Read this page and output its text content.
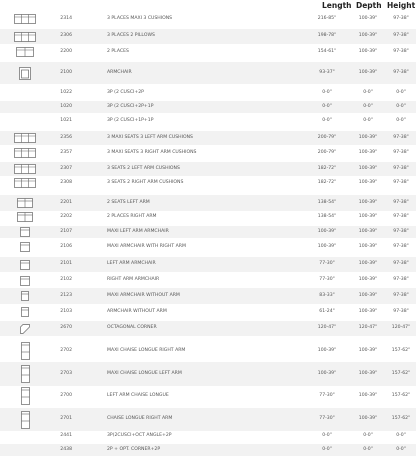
Length Depth Height
2314	3 PLACES MAXI 3 CUSHIONS	216-85"	100-39"	97-38"
2306	3 PLACES 2 PILLOWS	198-78"	100-39"	97-38"
2200	2 PLACES	154-61"	100-39"	97-38"
2100	ARMCHAIR	93-37"	100-39"	97-38"
1022	3P (2 CUSCI+2P	0-0"	0-0"	0-0"
1020	3P (2 CUSCI+2P+1P	0-0"	0-0"	0-0"
1021	3P (2 CUSCI+1P+1P	0-0"	0-0"	0-0"
2356	3 MAXI SEATS 3 LEFT ARM CUSHIONS	200-79"	100-39"	97-38"
2357	3 MAXI SEATS 3 RIGHT ARM CUSHIONS	200-79"	100-39"	97-38"
2307	3 SEATS 2 LEFT ARM CUSHIONS	182-72"	100-39"	97-38"
2308	3 SEATS 2 RIGHT ARM CUSHIONS	182-72"	100-39"	97-38"
2201	2 SEATS LEFT ARM	138-54"	100-39"	97-38"
2202	2 PLACES RIGHT ARM	138-54"	100-39"	97-38"
2107	MAXI LEFT ARM ARMCHAIR	100-39"	100-39"	97-38"
2106	MAXI ARMCHAIR WITH RIGHT ARM	100-39"	100-39"	97-38"
2101	LEFT ARM ARMCHAIR	77-30"	100-39"	97-38"
2102	RIGHT ARM ARMCHAIR	77-30"	100-39"	97-38"
2123	MAXI ARMCHAIR WITHOUT ARM	83-33"	100-39"	97-38"
2103	ARMCHAIR WITHOUT ARM	61-24"	100-39"	97-38"
2670	OCTAGONAL CORNER	120-47"	120-47"	120-47"
2702	MAXI CHAISE LONGUE RIGHT ARM	100-39"	100-39"	157-62"
2703	MAXI CHAISE LONGUE LEFT ARM	100-39"	100-39"	157-62"
2700	LEFT ARM CHAISE LONGUE	77-30"	100-39"	157-62"
2701	CHAISE LONGUE RIGHT ARM	77-30"	100-39"	157-62"
2441	3P(2CUSCI+OCT ANGLE+2P	0-0"	0-0"	0-0"
2438	2P + OPT. CORNER+2P	0-0"	0-0"	0-0"
